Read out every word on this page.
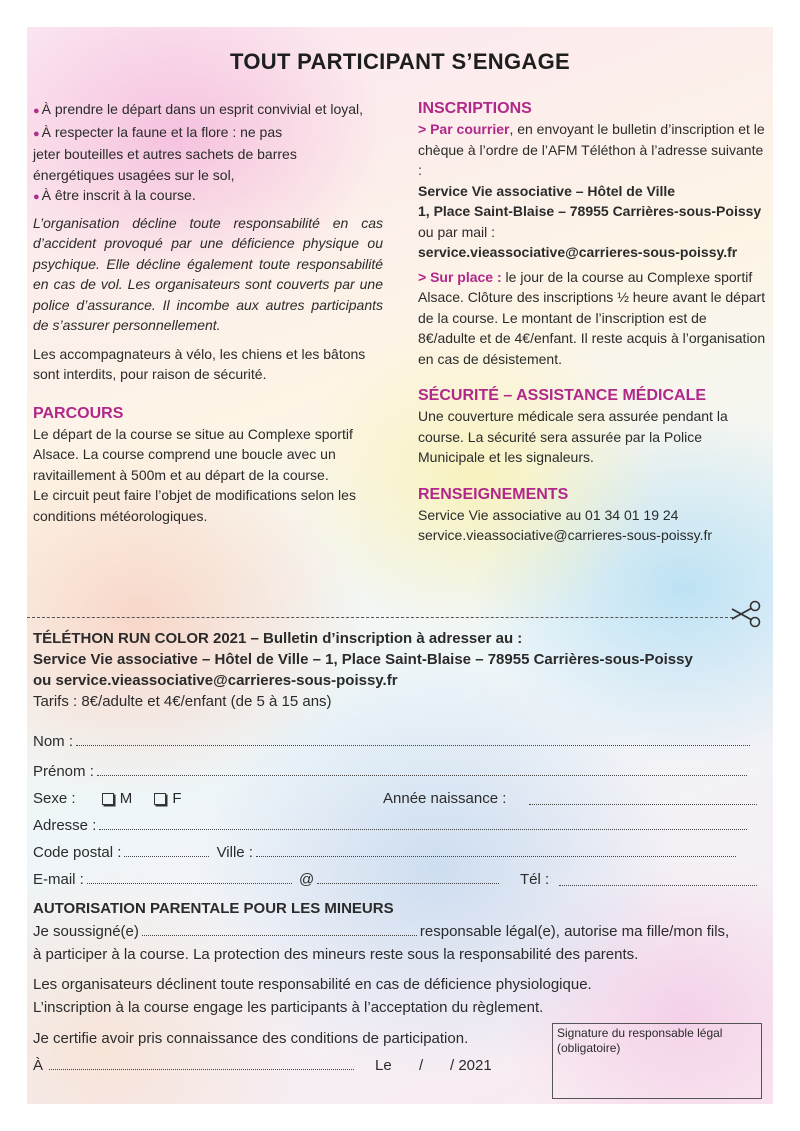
TOUT PARTICIPANT S’ENGAGE

● À prendre le départ dans un esprit convivial et loyal,

● À respecter la faune et la flore : ne pas

jeter bouteilles et autres sachets de barres

énergétiques usagées sur le sol,

● À être inscrit à la course.

L’organisation décline toute responsabilité en cas d’accident provoqué par une déficience physique ou psychique. Elle décline également toute responsabilité en cas de vol. Les organisateurs sont couverts par une police d’assurance. Il incombe aux autres participants de s’assurer personnellement.

Les accompagnateurs à vélo, les chiens et les bâtons sont interdits, pour raison de sécurité.

PARCOURS

Le départ de la course se situe au Complexe sportif Alsace. La course comprend une boucle avec un ravitaillement à 500m et au départ de la course.

Le circuit peut faire l’objet de modifications selon les conditions météorologiques.

INSCRIPTIONS

> Par courrier, en envoyant le bulletin d’inscription et le chèque à l’ordre de l’AFM Téléthon à l’adresse suivante :

Service Vie associative – Hôtel de Ville

1, Place Saint-Blaise – 78955 Carrières-sous-Poissy

ou par mail :

service.vieassociative@carrieres-sous-poissy.fr

> Sur place : le jour de la course au Complexe sportif Alsace. Clôture des inscriptions ½ heure avant le départ de la course. Le montant de l’inscription est de 8€/adulte et de 4€/enfant. Il reste acquis à l’organisation en cas de désistement.

SÉCURITÉ – ASSISTANCE MÉDICALE

Une couverture médicale sera assurée pendant la course. La sécurité sera assurée par la Police Municipale et les signaleurs.

RENSEIGNEMENTS

Service Vie associative au 01 34 01 19 24

service.vieassociative@carrieres-sous-poissy.fr

TÉLÉTHON RUN COLOR 2021 – Bulletin d’inscription à adresser au :
Service Vie associative – Hôtel de Ville – 1, Place Saint-Blaise – 78955 Carrières-sous-Poissy
ou service.vieassociative@carrieres-sous-poissy.fr
Tarifs : 8€/adulte et 4€/enfant (de 5 à 15 ans)
Nom :
Prénom :
Sexe :	M	F	Année naissance :
Adresse :
Code postal :	Ville :
E-mail :	@	Tél :
AUTORISATION PARENTALE POUR LES MINEURS
Je soussigné(e)	responsable légal(e), autorise ma fille/mon fils,
à participer à la course. La protection des mineurs reste sous la responsabilité des parents.
Les organisateurs déclinent toute responsabilité en cas de déficience physiologique.
L’inscription à la course engage les participants à l’acceptation du règlement.
Je certifie avoir pris connaissance des conditions de participation.
À	Le / / 2021
Signature du responsable légal (obligatoire)
